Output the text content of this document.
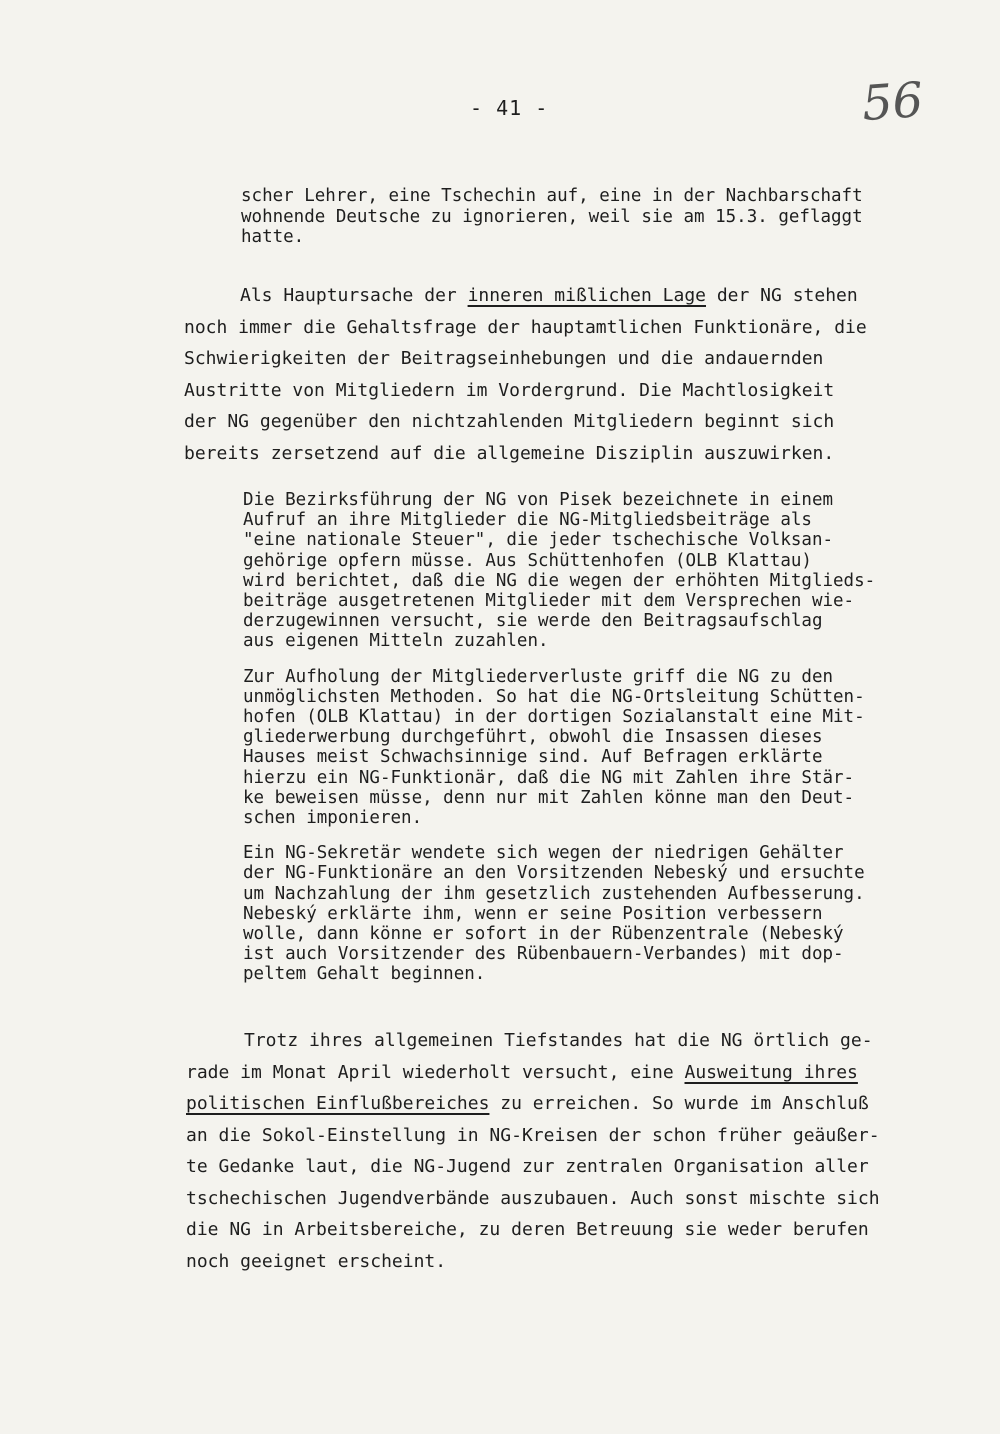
- 41 -	56
scher Lehrer, eine Tschechin auf, eine in der Nachbarschaft
wohnende Deutsche zu ignorieren, weil sie am 15.3. geflaggt
hatte.
Als Hauptursache der inneren mißlichen Lage der NG stehen
noch immer die Gehaltsfrage der hauptamtlichen Funktionäre, die
Schwierigkeiten der Beitragseinhebungen und die andauernden
Austritte von Mitgliedern im Vordergrund. Die Machtlosigkeit
der NG gegenüber den nichtzahlenden Mitgliedern beginnt sich
bereits zersetzend auf die allgemeine Disziplin auszuwirken.
Die Bezirksführung der NG von Pisek bezeichnete in einem
Aufruf an ihre Mitglieder die NG-Mitgliedsbeiträge als
"eine nationale Steuer", die jeder tschechische Volksan-
gehörige opfern müsse. Aus Schüttenhofen (OLB Klattau)
wird berichtet, daß die NG die wegen der erhöhten Mitglieds-
beiträge ausgetretenen Mitglieder mit dem Versprechen wie-
derzugewinnen versucht, sie werde den Beitragsaufschlag
aus eigenen Mitteln zuzahlen.
Zur Aufholung der Mitgliederverluste griff die NG zu den
unmöglichsten Methoden. So hat die NG-Ortsleitung Schütten-
hofen (OLB Klattau) in der dortigen Sozialanstalt eine Mit-
gliederwerbung durchgeführt, obwohl die Insassen dieses
Hauses meist Schwachsinnige sind. Auf Befragen erklärte
hierzu ein NG-Funktionär, daß die NG mit Zahlen ihre Stär-
ke beweisen müsse, denn nur mit Zahlen könne man den Deut-
schen imponieren.
Ein NG-Sekretär wendete sich wegen der niedrigen Gehälter
der NG-Funktionäre an den Vorsitzenden Nebeský und ersuchte
um Nachzahlung der ihm gesetzlich zustehenden Aufbesserung.
Nebeský erklärte ihm, wenn er seine Position verbessern
wolle, dann könne er sofort in der Rübenzentrale (Nebeský
ist auch Vorsitzender des Rübenbauern-Verbandes) mit dop-
peltem Gehalt beginnen.
Trotz ihres allgemeinen Tiefstandes hat die NG örtlich ge-
rade im Monat April wiederholt versucht, eine Ausweitung ihres
politischen Einflußbereiches zu erreichen. So wurde im Anschluß
an die Sokol-Einstellung in NG-Kreisen der schon früher geäußer-
te Gedanke laut, die NG-Jugend zur zentralen Organisation aller
tschechischen Jugendverbände auszubauen. Auch sonst mischte sich
die NG in Arbeitsbereiche, zu deren Betreuung sie weder berufen
noch geeignet erscheint.
